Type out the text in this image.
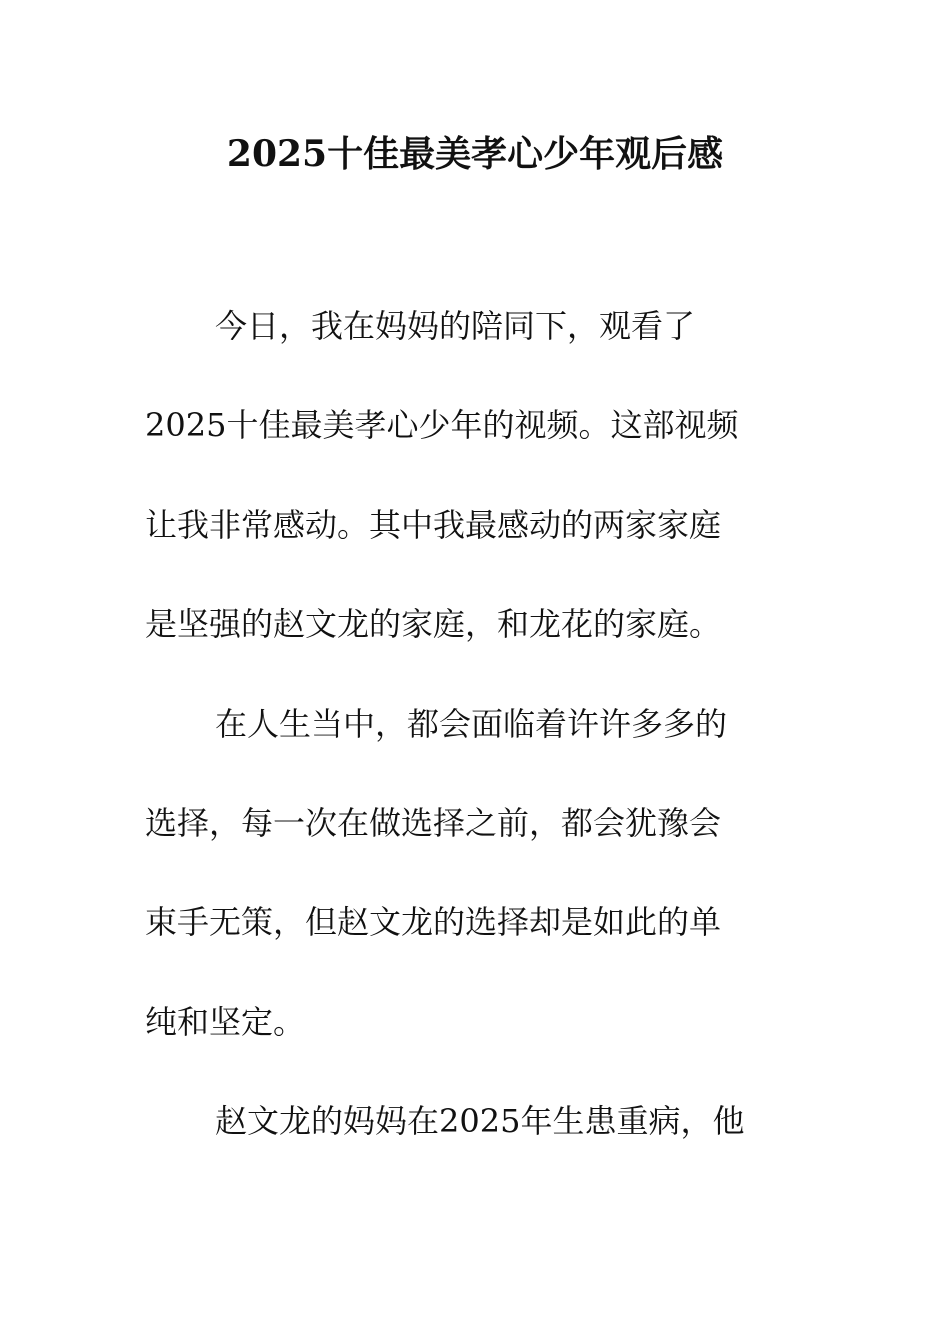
2025十佳最美孝心少年观后感

今日，我在妈妈的陪同下，观看了

2025十佳最美孝心少年的视频。这部视频

让我非常感动。其中我最感动的两家家庭

是坚强的赵文龙的家庭，和龙花的家庭。

在人生当中，都会面临着许许多多的

选择，每一次在做选择之前，都会犹豫会

束手无策，但赵文龙的选择却是如此的单

纯和坚定。

赵文龙的妈妈在2025年生患重病，他
